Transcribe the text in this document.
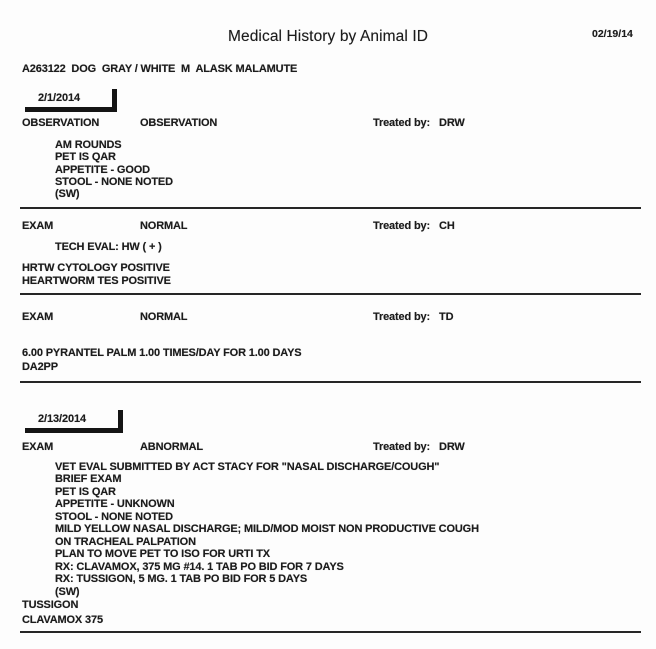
Medical History by Animal ID	02/19/14
A263122  DOG  GRAY / WHITE  M  ALASK MALAMUTE
2/1/2014
OBSERVATION	OBSERVATION	Treated by: DRW
AM ROUNDS
PET IS QAR
APPETITE - GOOD
STOOL - NONE NOTED
(SW)
EXAM	NORMAL	Treated by: CH
TECH EVAL: HW ( + )
HRTW CYTOLOGY POSITIVE
HEARTWORM TES POSITIVE
EXAM	NORMAL	Treated by: TD
6.00 PYRANTEL PALM 1.00 TIMES/DAY FOR 1.00 DAYS
DA2PP
2/13/2014
EXAM	ABNORMAL	Treated by: DRW
VET EVAL SUBMITTED BY ACT STACY FOR "NASAL DISCHARGE/COUGH"
BRIEF EXAM
PET IS QAR
APPETITE - UNKNOWN
STOOL - NONE NOTED
MILD YELLOW NASAL DISCHARGE; MILD/MOD MOIST NON PRODUCTIVE COUGH
ON TRACHEAL PALPATION
PLAN TO MOVE PET TO ISO FOR URTI TX
RX: CLAVAMOX, 375 MG #14. 1 TAB PO BID FOR 7 DAYS
RX: TUSSIGON, 5 MG. 1 TAB PO BID FOR 5 DAYS
(SW)
TUSSIGON
CLAVAMOX 375
